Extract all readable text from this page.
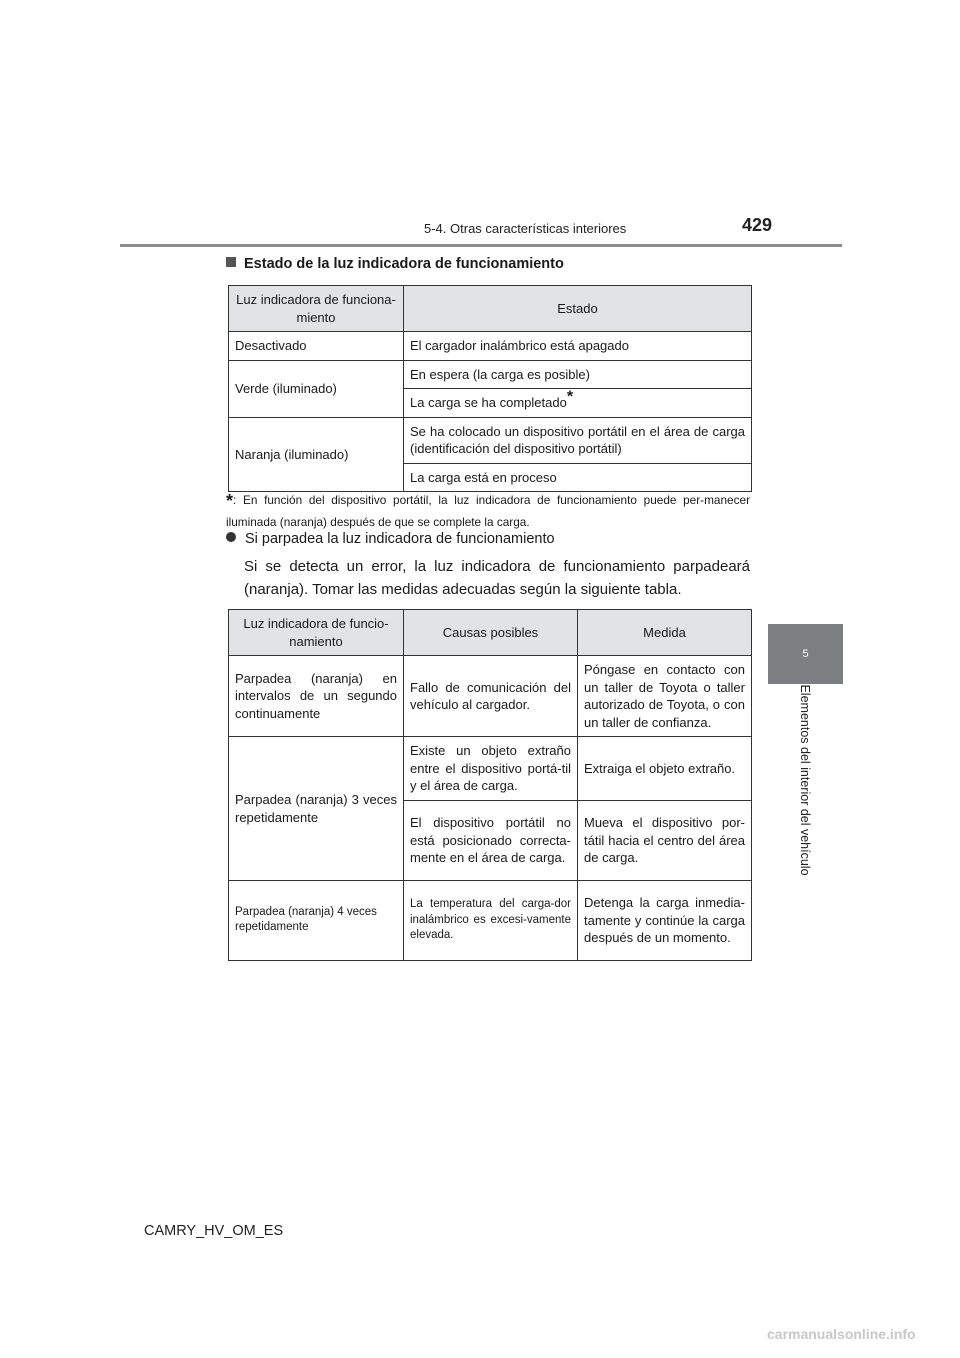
5-4. Otras características interiores	429
5
Elementos del interior del vehículo
Estado de la luz indicadora de funcionamiento
Luz indicadora de funciona-miento	Estado
Desactivado	El cargador inalámbrico está apagado
Verde (iluminado)	En espera (la carga es posible)
	La carga se ha completado*
Naranja (iluminado)	Se ha colocado un dispositivo portátil en el área de carga (identificación del dispositivo portátil)
	La carga está en proceso
*: En función del dispositivo portátil, la luz indicadora de funcionamiento puede per-manecer iluminada (naranja) después de que se complete la carga.
Si parpadea la luz indicadora de funcionamiento
Si se detecta un error, la luz indicadora de funcionamiento parpadeará (naranja). Tomar las medidas adecuadas según la siguiente tabla.
Luz indicadora de funcio-namiento	Causas posibles	Medida
Parpadea (naranja) en intervalos de un segundo continuamente	Fallo de comunicación del vehículo al cargador.	Póngase en contacto con un taller de Toyota o taller autorizado de Toyota, o con un taller de confianza.
Parpadea (naranja) 3 veces repetidamente	Existe un objeto extraño entre el dispositivo portá-til y el área de carga.	Extraiga el objeto extraño.
	El dispositivo portátil no está posicionado correcta-mente en el área de carga.	Mueva el dispositivo por-tátil hacia el centro del área de carga.
Parpadea (naranja) 4 veces repetidamente	La temperatura del carga-dor inalámbrico es excesi-vamente elevada.	Detenga la carga inmedia-tamente y continúe la carga después de un momento.
CAMRY_HV_OM_ES
carmanualsonline.info
